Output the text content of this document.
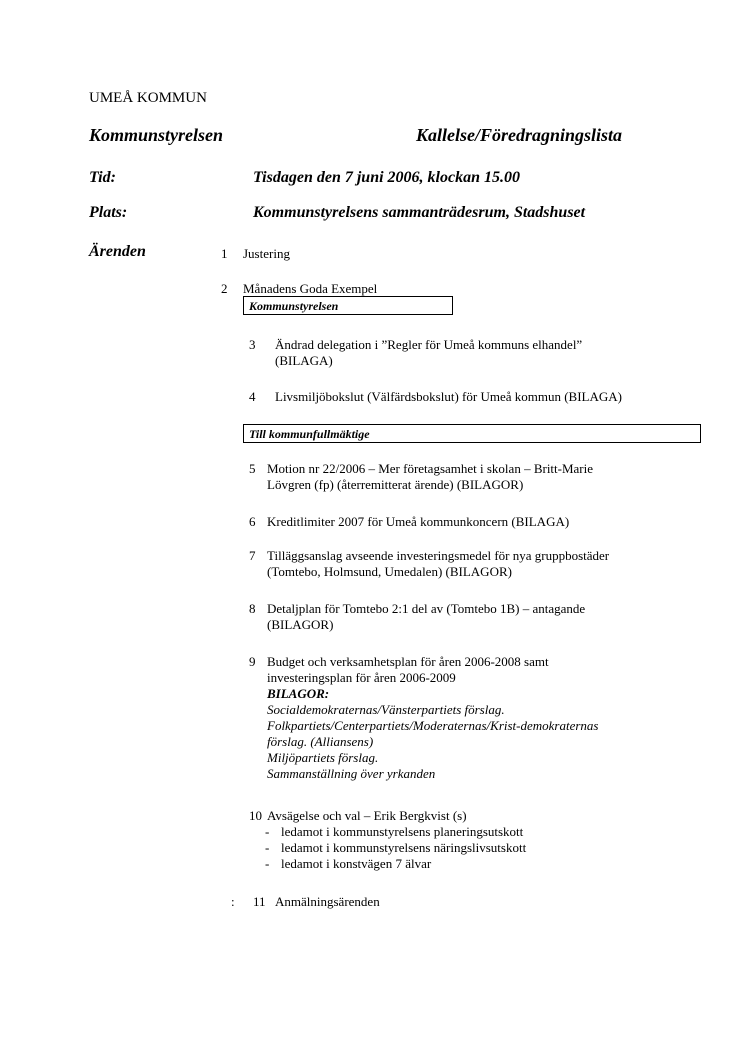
UMEÅ KOMMUN
Kommunstyrelsen	Kallelse/Föredragningslista
Tid:	Tisdagen den 7 juni 2006, klockan 15.00
Plats:	Kommunstyrelsens sammanträdesrum, Stadshuset
Ärenden	1 Justering
2 Månadens Goda Exempel
Kommunstyrelsen
3 Ändrad delegation i ”Regler för Umeå kommuns elhandel”
(BILAGA)
4 Livsmiljöbokslut (Välfärdsbokslut) för Umeå kommun (BILAGA)
Till kommunfullmäktige
5 Motion nr 22/2006 – Mer företagsamhet i skolan – Britt-Marie
Lövgren (fp) (återremitterat ärende) (BILAGOR)
6 Kreditlimiter 2007 för Umeå kommunkoncern (BILAGA)
7 Tilläggsanslag avseende investeringsmedel för nya gruppbostäder
(Tomtebo, Holmsund, Umedalen) (BILAGOR)
8 Detaljplan för Tomtebo 2:1 del av (Tomtebo 1B) – antagande
(BILAGOR)
9 Budget och verksamhetsplan för åren 2006-2008 samt
investeringsplan för åren 2006-2009
BILAGOR:
Socialdemokraternas/Vänsterpartiets förslag.
Folkpartiets/Centerpartiets/Moderaternas/Krist-demokraternas
förslag. (Alliansens)
Miljöpartiets förslag.
Sammanställning över yrkanden
10 Avsägelse och val – Erik Bergkvist (s)
- ledamot i kommunstyrelsens planeringsutskott
- ledamot i kommunstyrelsens näringslivsutskott
- ledamot i konstvägen 7 älvar
: 11 Anmälningsärenden
